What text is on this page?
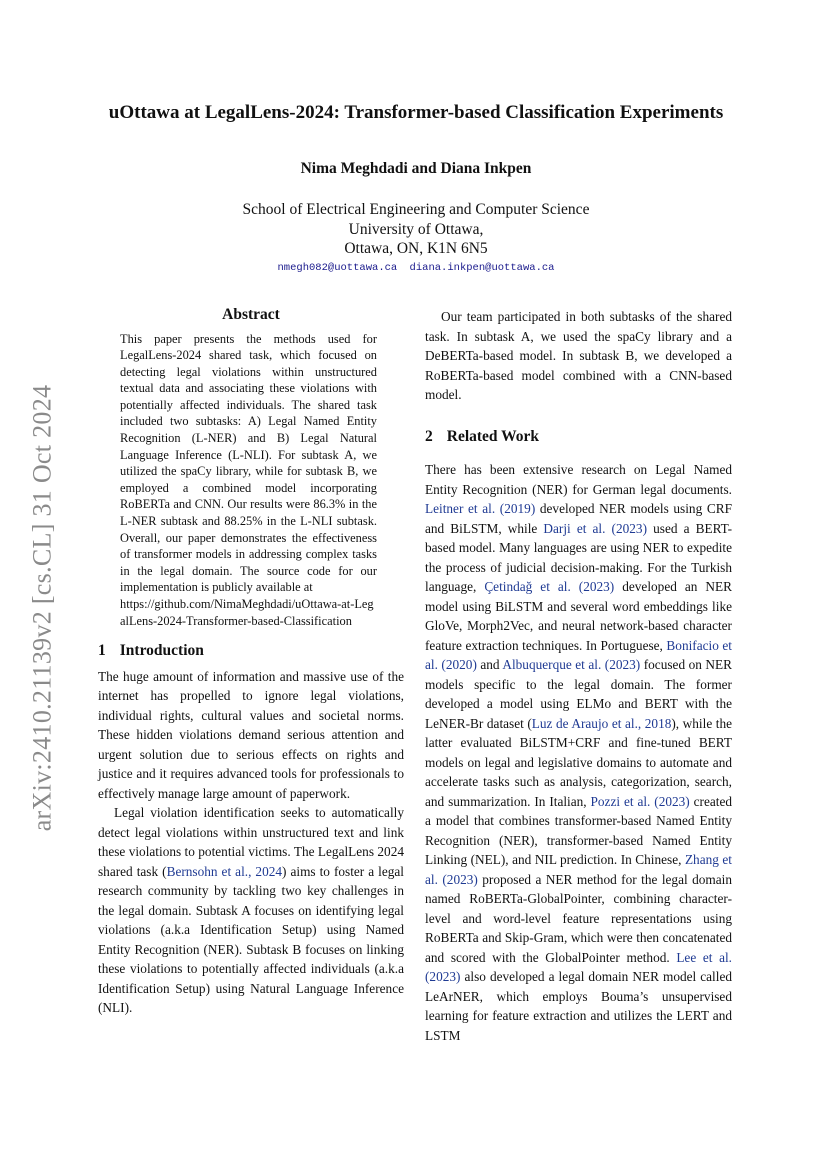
arXiv:2410.21139v2 [cs.CL] 31 Oct 2024
uOttawa at LegalLens-2024: Transformer-based Classification Experiments

Nima Meghdadi and Diana Inkpen

School of Electrical Engineering and Computer Science
University of Ottawa,
Ottawa, ON, K1N 6N5
nmegh082@uottawa.ca diana.inkpen@uottawa.ca
Abstract
This paper presents the methods used for LegalLens-2024 shared task, which focused on detecting legal violations within unstructured textual data and associating these violations with potentially affected individuals. The shared task included two subtasks: A) Legal Named Entity Recognition (L-NER) and B) Legal Natural Language Inference (L-NLI). For subtask A, we utilized the spaCy library, while for subtask B, we employed a combined model incorporating RoBERTa and CNN. Our results were 86.3% in the L-NER subtask and 88.25% in the L-NLI subtask. Overall, our paper demonstrates the effectiveness of transformer models in addressing complex tasks in the legal domain. The source code for our implementation is publicly available at
https://github.com/NimaMeghdadi/uOttawa-at-LegalLens-2024-Transformer-based-Classification
1 Introduction

The huge amount of information and massive use of the internet has propelled to ignore legal violations, individual rights, cultural values and societal norms. These hidden violations demand serious attention and urgent solution due to serious effects on rights and justice and it requires advanced tools for professionals to effectively manage large amount of paperwork.

Legal violation identification seeks to automatically detect legal violations within unstructured text and link these violations to potential victims. The LegalLens 2024 shared task (Bernsohn et al., 2024) aims to foster a legal research community by tackling two key challenges in the legal domain. Subtask A focuses on identifying legal violations (a.k.a Identification Setup) using Named Entity Recognition (NER). Subtask B focuses on linking these violations to potentially affected individuals (a.k.a Identification Setup) using Natural Language Inference (NLI).

Our team participated in both subtasks of the shared task. In subtask A, we used the spaCy library and a DeBERTa-based model. In subtask B, we developed a RoBERTa-based model combined with a CNN-based model.

2 Related Work

There has been extensive research on Legal Named Entity Recognition (NER) for German legal documents. Leitner et al. (2019) developed NER models using CRF and BiLSTM, while Darji et al. (2023) used a BERT-based model. Many languages are using NER to expedite the process of judicial decision-making. For the Turkish language, Çetindağ et al. (2023) developed an NER model using BiLSTM and several word embeddings like GloVe, Morph2Vec, and neural network-based character feature extraction techniques. In Portuguese, Bonifacio et al. (2020) and Albuquerque et al. (2023) focused on NER models specific to the legal domain. The former developed a model using ELMo and BERT with the LeNER-Br dataset (Luz de Araujo et al., 2018), while the latter evaluated BiLSTM+CRF and fine-tuned BERT models on legal and legislative domains to automate and accelerate tasks such as analysis, categorization, search, and summarization. In Italian, Pozzi et al. (2023) created a model that combines transformer-based Named Entity Recognition (NER), transformer-based Named Entity Linking (NEL), and NIL prediction. In Chinese, Zhang et al. (2023) proposed a NER method for the legal domain named RoBERTa-GlobalPointer, combining character-level and word-level feature representations using RoBERTa and Skip-Gram, which were then concatenated and scored with the GlobalPointer method. Lee et al. (2023) also developed a legal domain NER model called LeArNER, which employs Bouma’s unsupervised learning for feature extraction and utilizes the LERT and LSTM
